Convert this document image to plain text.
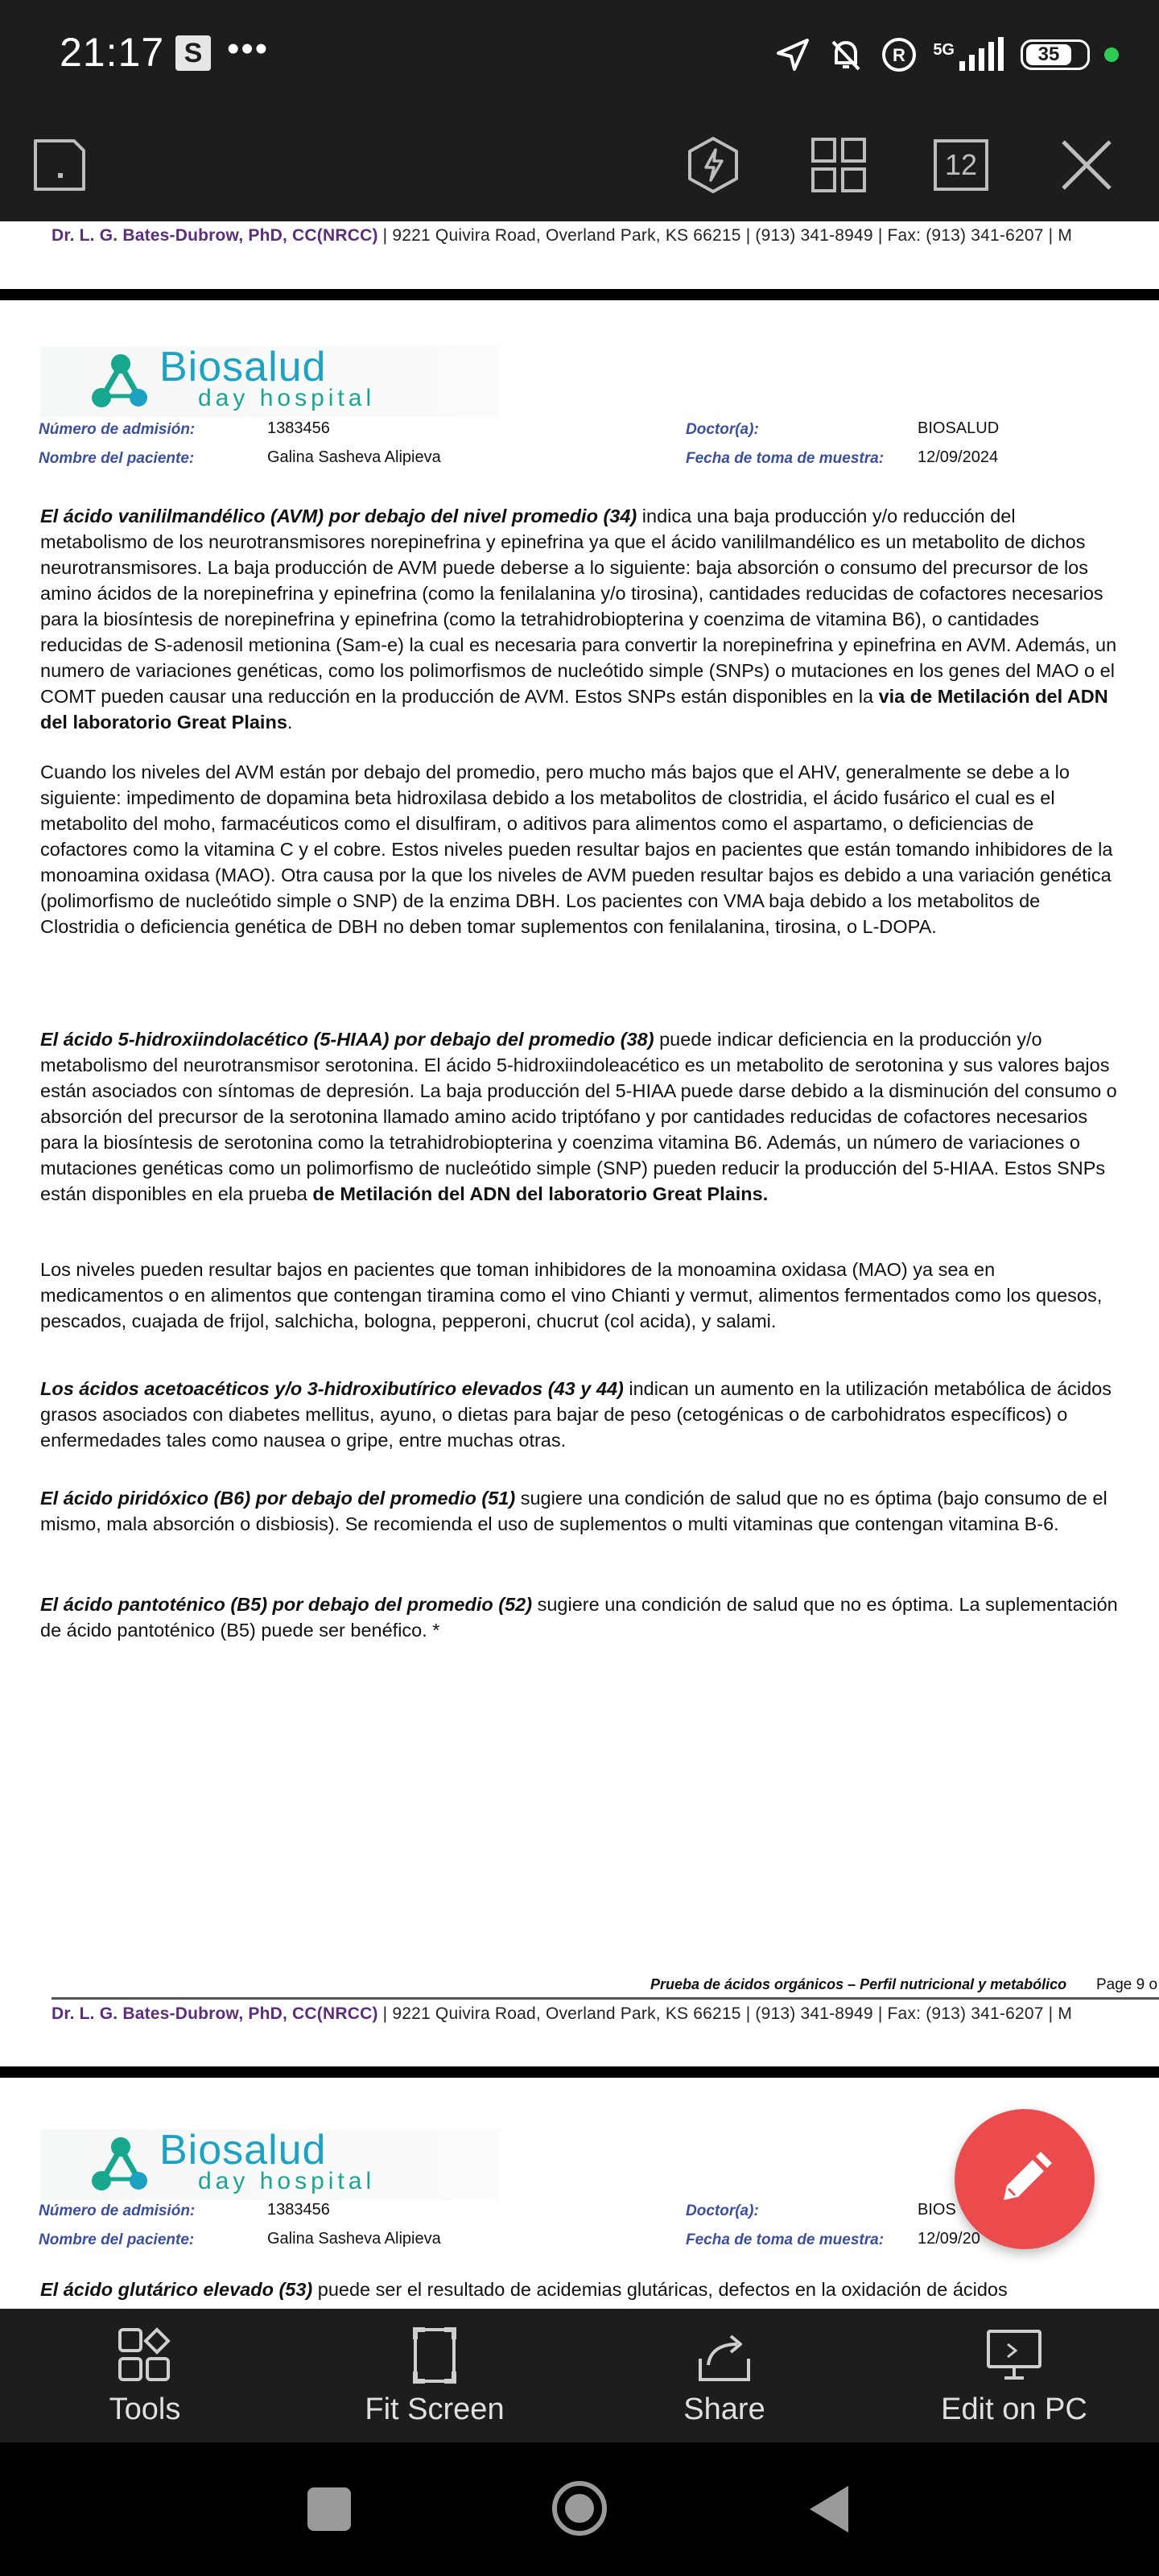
21:17 S •••	R 5G	35
12
Dr. L. G. Bates-Dubrow, PhD, CC(NRCC) | 9221 Quivira Road, Overland Park, KS 66215 | (913) 341-8949 | Fax: (913) 341-6207 | M
Biosalud
day hospital
Número de admisión:	1383456	Doctor(a):	BIOSALUD
Nombre del paciente:	Galina Sasheva Alipieva	Fecha de toma de muestra: 12/09/2024
El ácido vanililmandélico (AVM) por debajo del nivel promedio (34) indica una baja producción y/o reducción del metabolismo de los neurotransmisores norepinefrina y epinefrina ya que el ácido vanililmandélico es un metabolito de dichos neurotransmisores. La baja producción de AVM puede deberse a lo siguiente: baja absorción o consumo del precursor de los amino ácidos de la norepinefrina y epinefrina (como la fenilalanina y/o tirosina), cantidades reducidas de cofactores necesarios para la biosíntesis de norepinefrina y epinefrina (como la tetrahidrobiopterina y coenzima de vitamina B6), o cantidades reducidas de S-adenosil metionina (Sam-e) la cual es necesaria para convertir la norepinefrina y epinefrina en AVM. Además, un numero de variaciones genéticas, como los polimorfismos de nucleótido simple (SNPs) o mutaciones en los genes del MAO o el COMT pueden causar una reducción en la producción de AVM. Estos SNPs están disponibles en la via de Metilación del ADN del laboratorio Great Plains.
Cuando los niveles del AVM están por debajo del promedio, pero mucho más bajos que el AHV, generalmente se debe a lo siguiente: impedimento de dopamina beta hidroxilasa debido a los metabolitos de clostridia, el ácido fusárico el cual es el metabolito del moho, farmacéuticos como el disulfiram, o aditivos para alimentos como el aspartamo, o deficiencias de cofactores como la vitamina C y el cobre. Estos niveles pueden resultar bajos en pacientes que están tomando inhibidores de la monoamina oxidasa (MAO). Otra causa por la que los niveles de AVM pueden resultar bajos es debido a una variación genética (polimorfismo de nucleótido simple o SNP) de la enzima DBH. Los pacientes con VMA baja debido a los metabolitos de Clostridia o deficiencia genética de DBH no deben tomar suplementos con fenilalanina, tirosina, o L-DOPA.
El ácido 5-hidroxiindolacético (5-HIAA) por debajo del promedio (38) puede indicar deficiencia en la producción y/o metabolismo del neurotransmisor serotonina. El ácido 5-hidroxiindoleacético es un metabolito de serotonina y sus valores bajos están asociados con síntomas de depresión. La baja producción del 5-HIAA puede darse debido a la disminución del consumo o absorción del precursor de la serotonina llamado amino acido triptófano y por cantidades reducidas de cofactores necesarios para la biosíntesis de serotonina como la tetrahidrobiopterina y coenzima vitamina B6. Además, un número de variaciones o mutaciones genéticas como un polimorfismo de nucleótido simple (SNP) pueden reducir la producción del 5-HIAA. Estos SNPs están disponibles en ela prueba de Metilación del ADN del laboratorio Great Plains.
Los niveles pueden resultar bajos en pacientes que toman inhibidores de la monoamina oxidasa (MAO) ya sea en medicamentos o en alimentos que contengan tiramina como el vino Chianti y vermut, alimentos fermentados como los quesos, pescados, cuajada de frijol, salchicha, bologna, pepperoni, chucrut (col acida), y salami.
Los ácidos acetoacéticos y/o 3-hidroxibutírico elevados (43 y 44) indican un aumento en la utilización metabólica de ácidos grasos asociados con diabetes mellitus, ayuno, o dietas para bajar de peso (cetogénicas o de carbohidratos específicos) o enfermedades tales como nausea o gripe, entre muchas otras.
El ácido piridóxico (B6) por debajo del promedio (51) sugiere una condición de salud que no es óptima (bajo consumo de el mismo, mala absorción o disbiosis). Se recomienda el uso de suplementos o multi vitaminas que contengan vitamina B-6.
El ácido pantoténico (B5) por debajo del promedio (52) sugiere una condición de salud que no es óptima. La suplementación de ácido pantoténico (B5) puede ser benéfico. *
Prueba de ácidos orgánicos – Perfil nutricional y metabólico Page 9 o
Dr. L. G. Bates-Dubrow, PhD, CC(NRCC) | 9221 Quivira Road, Overland Park, KS 66215 | (913) 341-8949 | Fax: (913) 341-6207 | M
Biosalud
day hospital
Número de admisión:	1383456	Doctor(a):	BIOS
Nombre del paciente:	Galina Sasheva Alipieva	Fecha de toma de muestra: 12/09/20
El ácido glutárico elevado (53) puede ser el resultado de acidemias glutáricas, defectos en la oxidación de ácidos
Tools	Fit Screen	Share	Edit on PC
